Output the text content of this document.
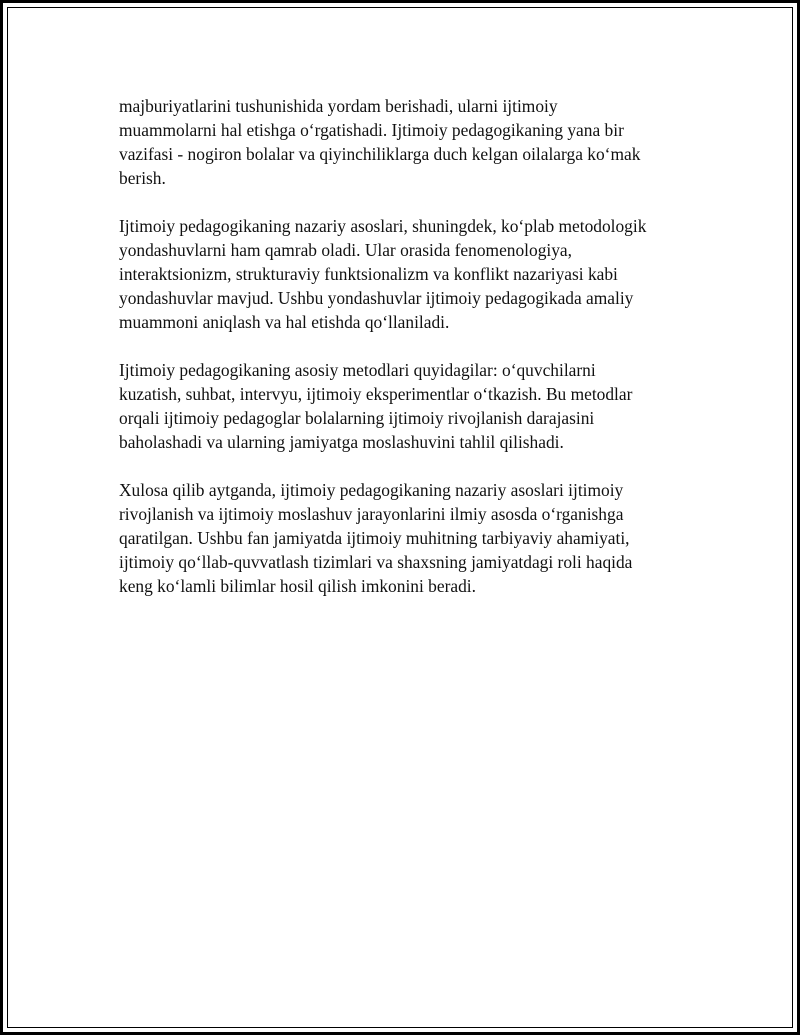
majburiyatlarini tushunishida yordam berishadi, ularni ijtimoiy
muammolarni hal etishga o‘rgatishadi. Ijtimoiy pedagogikaning yana bir
vazifasi - nogiron bolalar va qiyinchiliklarga duch kelgan oilalarga ko‘mak
berish.

Ijtimoiy pedagogikaning nazariy asoslari, shuningdek, ko‘plab metodologik
yondashuvlarni ham qamrab oladi. Ular orasida fenomenologiya,
interaktsionizm, strukturaviy funktsionalizm va konflikt nazariyasi kabi
yondashuvlar mavjud. Ushbu yondashuvlar ijtimoiy pedagogikada amaliy
muammoni aniqlash va hal etishda qo‘llaniladi.

Ijtimoiy pedagogikaning asosiy metodlari quyidagilar: o‘quvchilarni
kuzatish, suhbat, intervyu, ijtimoiy eksperimentlar o‘tkazish. Bu metodlar
orqali ijtimoiy pedagoglar bolalarning ijtimoiy rivojlanish darajasini
baholashadi va ularning jamiyatga moslashuvini tahlil qilishadi.

Xulosa qilib aytganda, ijtimoiy pedagogikaning nazariy asoslari ijtimoiy
rivojlanish va ijtimoiy moslashuv jarayonlarini ilmiy asosda o‘rganishga
qaratilgan. Ushbu fan jamiyatda ijtimoiy muhitning tarbiyaviy ahamiyati,
ijtimoiy qo‘llab-quvvatlash tizimlari va shaxsning jamiyatdagi roli haqida
keng ko‘lamli bilimlar hosil qilish imkonini beradi.
